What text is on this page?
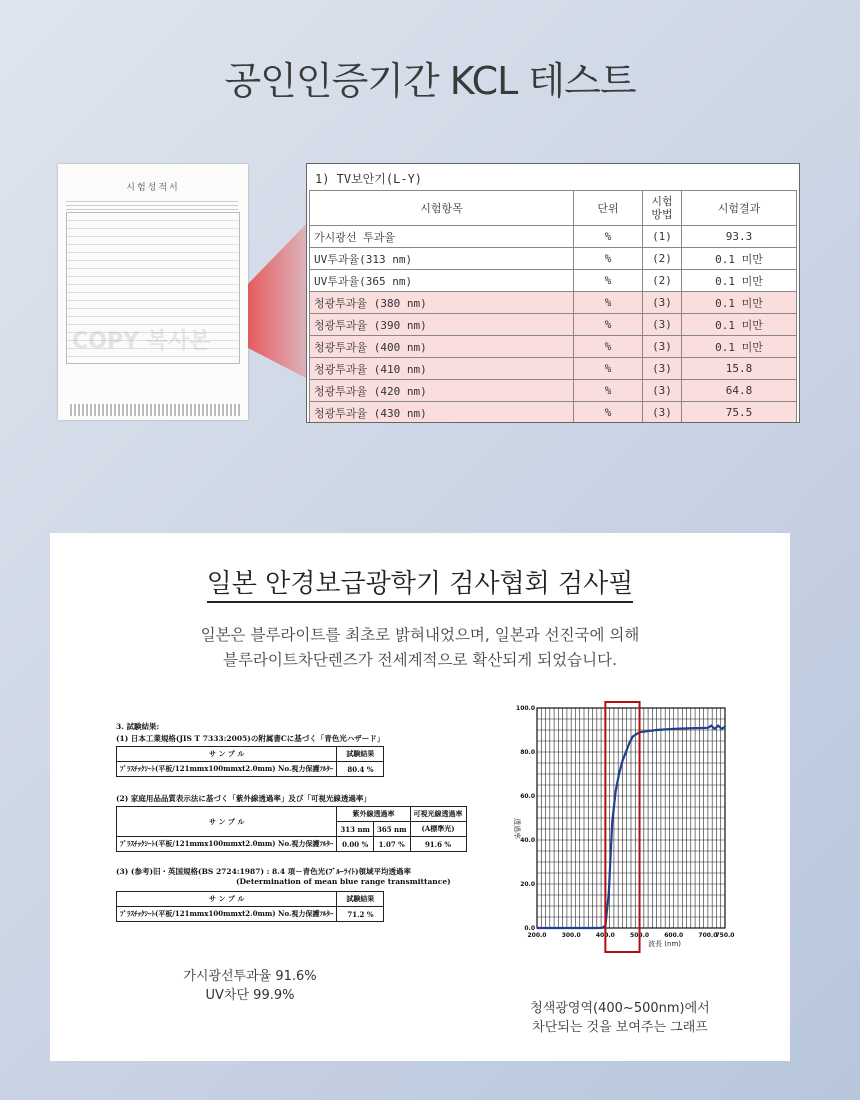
공인인증기간 KCL 테스트
시험성적서
COPY 복사본
1) TV보안기(L-Y)
시험항목	단위	시험 방법	시험결과
가시광선 투과율	%	(1)	93.3
UV투과율(313 nm)	%	(2)	0.1 미만
UV투과율(365 nm)	%	(2)	0.1 미만
청광투과율 (380 nm)	%	(3)	0.1 미만
청광투과율 (390 nm)	%	(3)	0.1 미만
청광투과율 (400 nm)	%	(3)	0.1 미만
청광투과율 (410 nm)	%	(3)	15.8
청광투과율 (420 nm)	%	(3)	64.8
청광투과율 (430 nm)	%	(3)	75.5
일본 안경보급광학기 검사협회 검사필
일본은 블루라이트를 최초로 밝혀내었으며, 일본과 선진국에 의해
블루라이트차단렌즈가 전세계적으로 확산되게 되었습니다.
3. 試験結果:
(1) 日本工業規格(JIS T 7333:2005)の附属書Cに基づく「青色光ハザード」
サ ン プ ル	試験結果
ﾌﾟﾗｽﾁｯｸｼｰﾄ(平板/121mmx100mmxt2.0mm) No.視力保護ﾌﾙﾀｰ	80.4 %
(2) 家庭用品品質表示法に基づく「紫外線透過率」及び「可視光線透過率」
サ ン プ ル	紫外線透過率		可視光線透過率
	313 nm	365 nm	(A標準光)
ﾌﾟﾗｽﾁｯｸｼｰﾄ(平板/121mmx100mmxt2.0mm) No.視力保護ﾌﾙﾀｰ	0.00 %	1.07 %	91.6 %
(3) (参考)旧・英国規格(BS 2724:1987) : 8.4 項－青色光(ﾌﾞﾙｰﾗｲﾄ)領域平均透過率
(Determination of mean blue range transmittance)
サ ン プ ル	試験結果
ﾌﾟﾗｽﾁｯｸｼｰﾄ(平板/121mmx100mmxt2.0mm) No.視力保護ﾌﾙﾀｰ	71.2 %
가시광선투과율 91.6%
UV차단 99.9%
200.0	300.0	400.0	500.0	600.0	700.0
750.0
0.0
20.0
40.0
60.0
80.0
100.0
波長 (nm)
透過率
청색광영역(400~500nm)에서
차단되는 것을 보여주는 그래프
